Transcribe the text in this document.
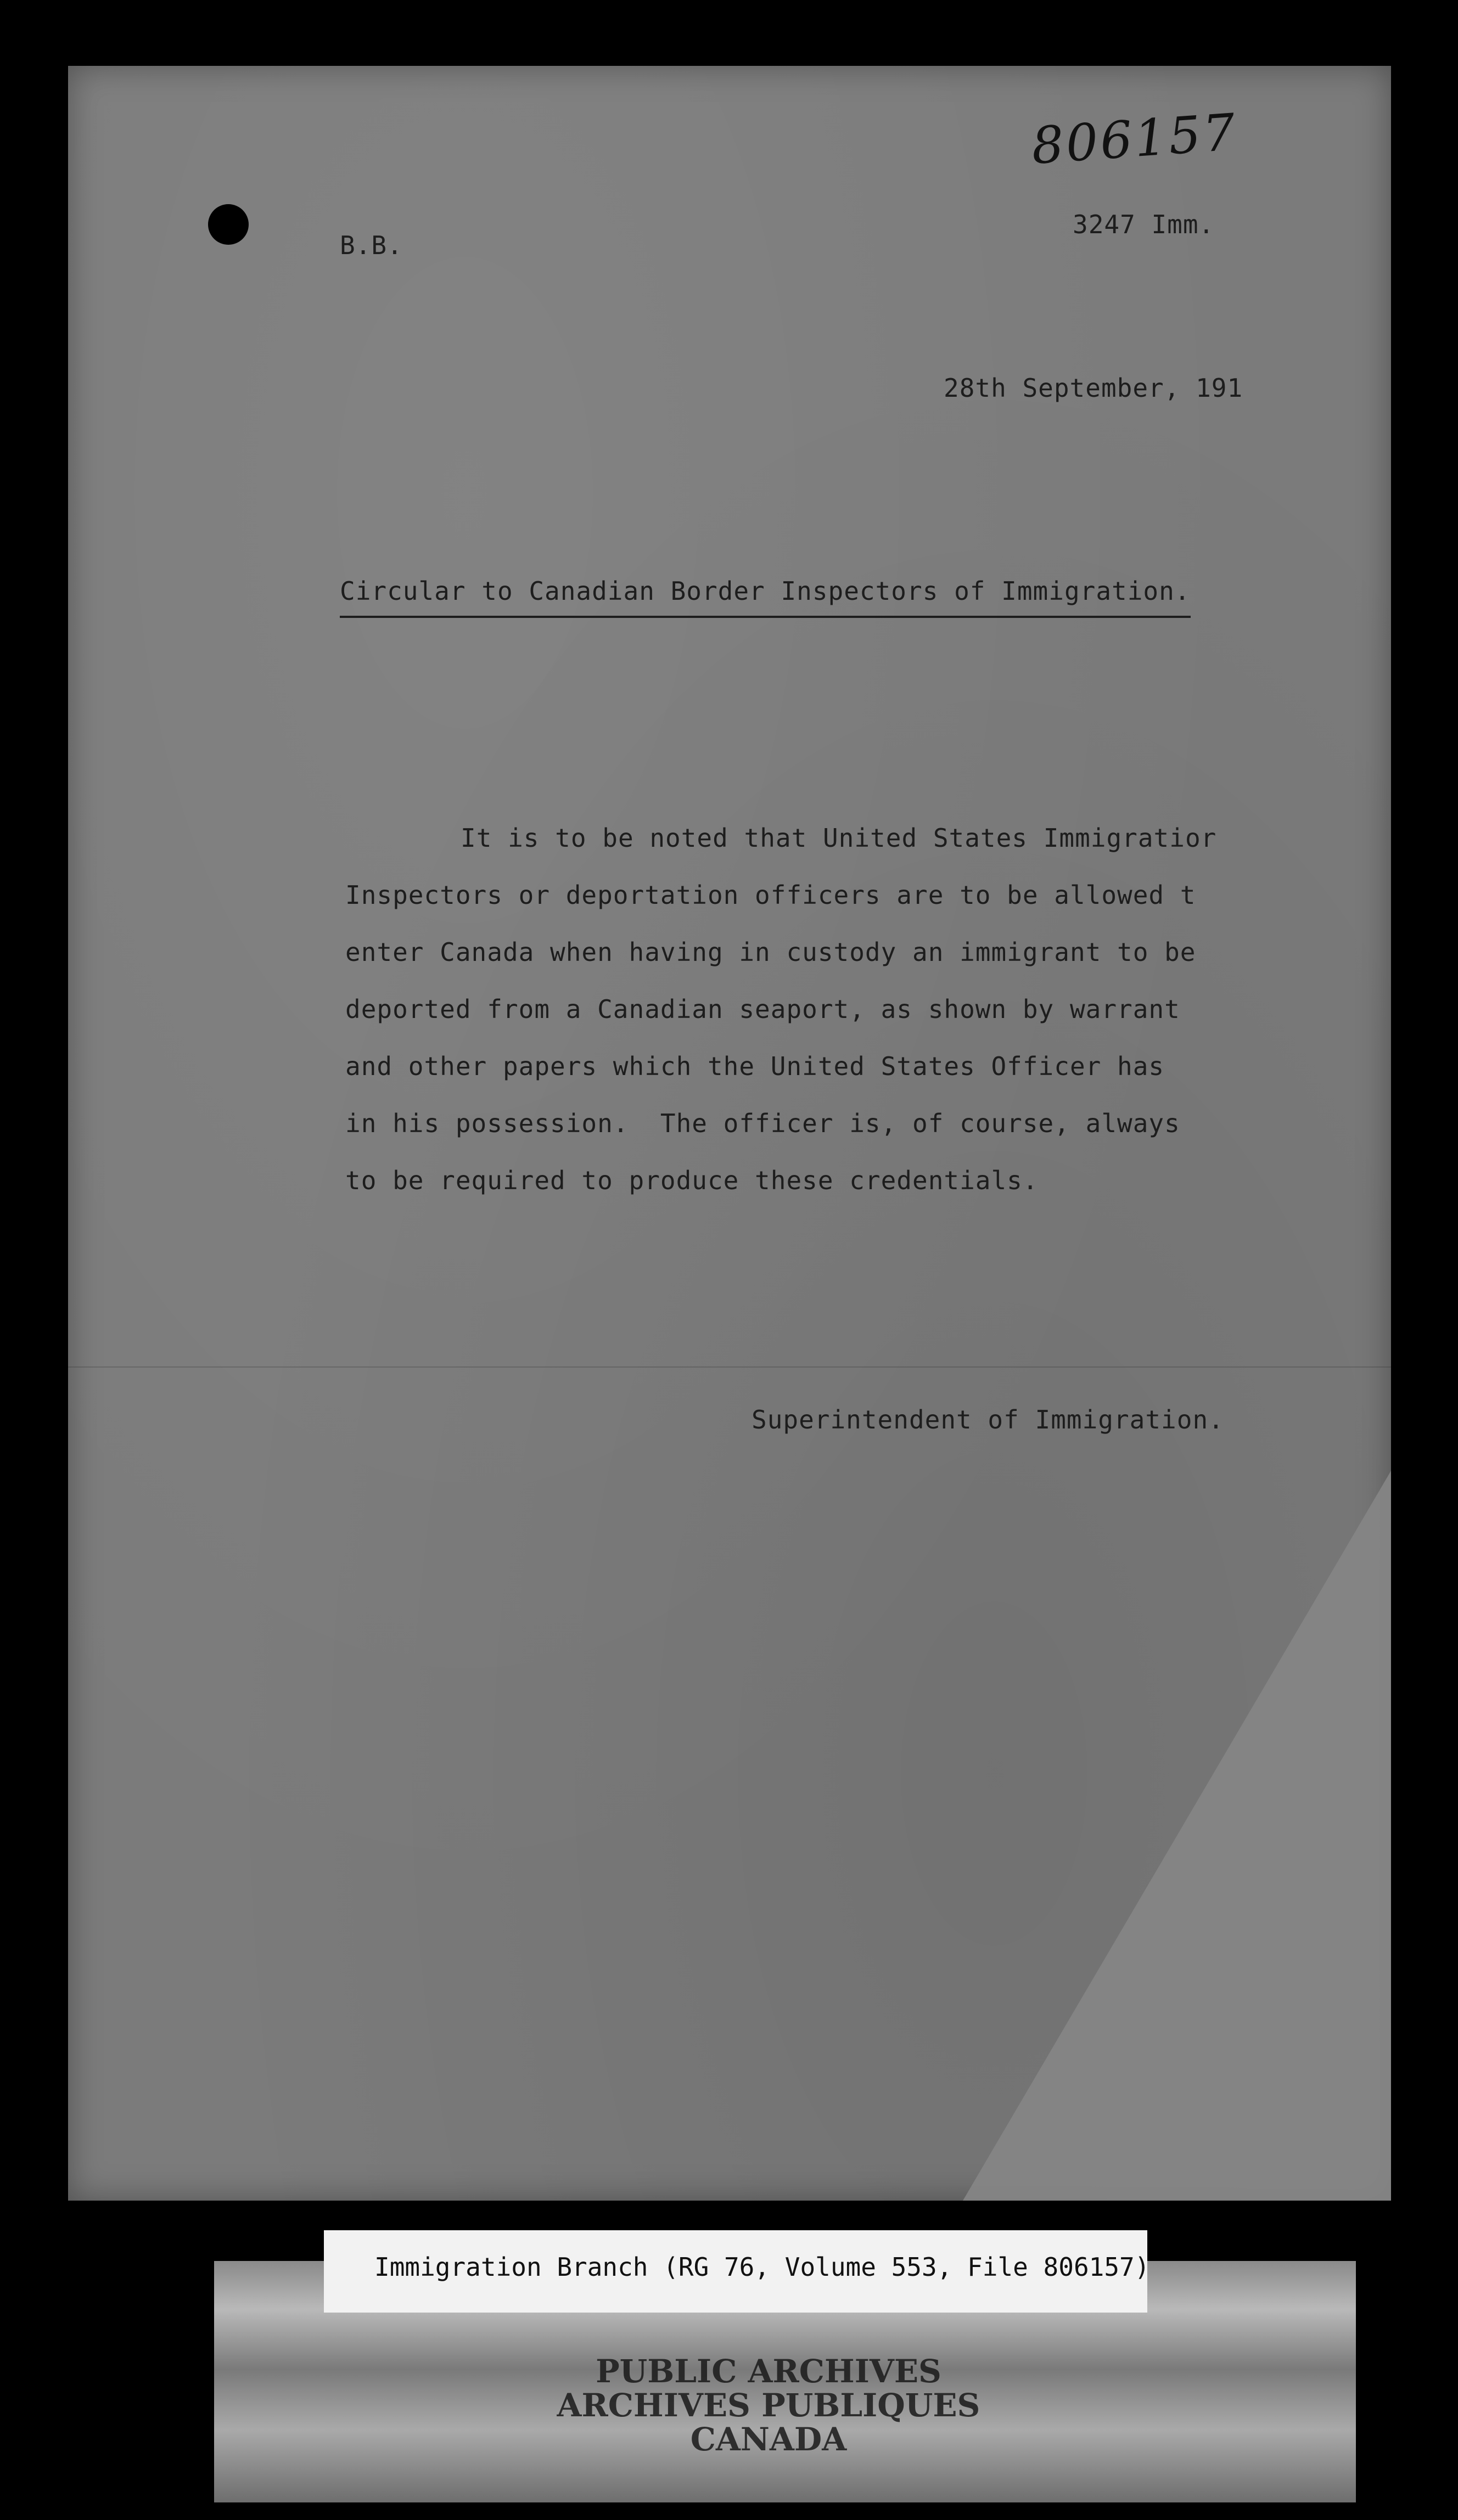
806157
B.B.
3247 Imm.
28th September, 191
Circular to Canadian Border Inspectors of Immigration.
It is to be noted that United States Immigratior
Inspectors or deportation officers are to be allowed t
enter Canada when having in custody an immigrant to be
deported from a Canadian seaport, as shown by warrant
and other papers which the United States Officer has
in his possession.  The officer is, of course, always
to be required to produce these credentials.
Superintendent of Immigration.
Immigration Branch (RG 76, Volume 553, File 806157)
PUBLIC ARCHIVES
ARCHIVES PUBLIQUES
CANADA
